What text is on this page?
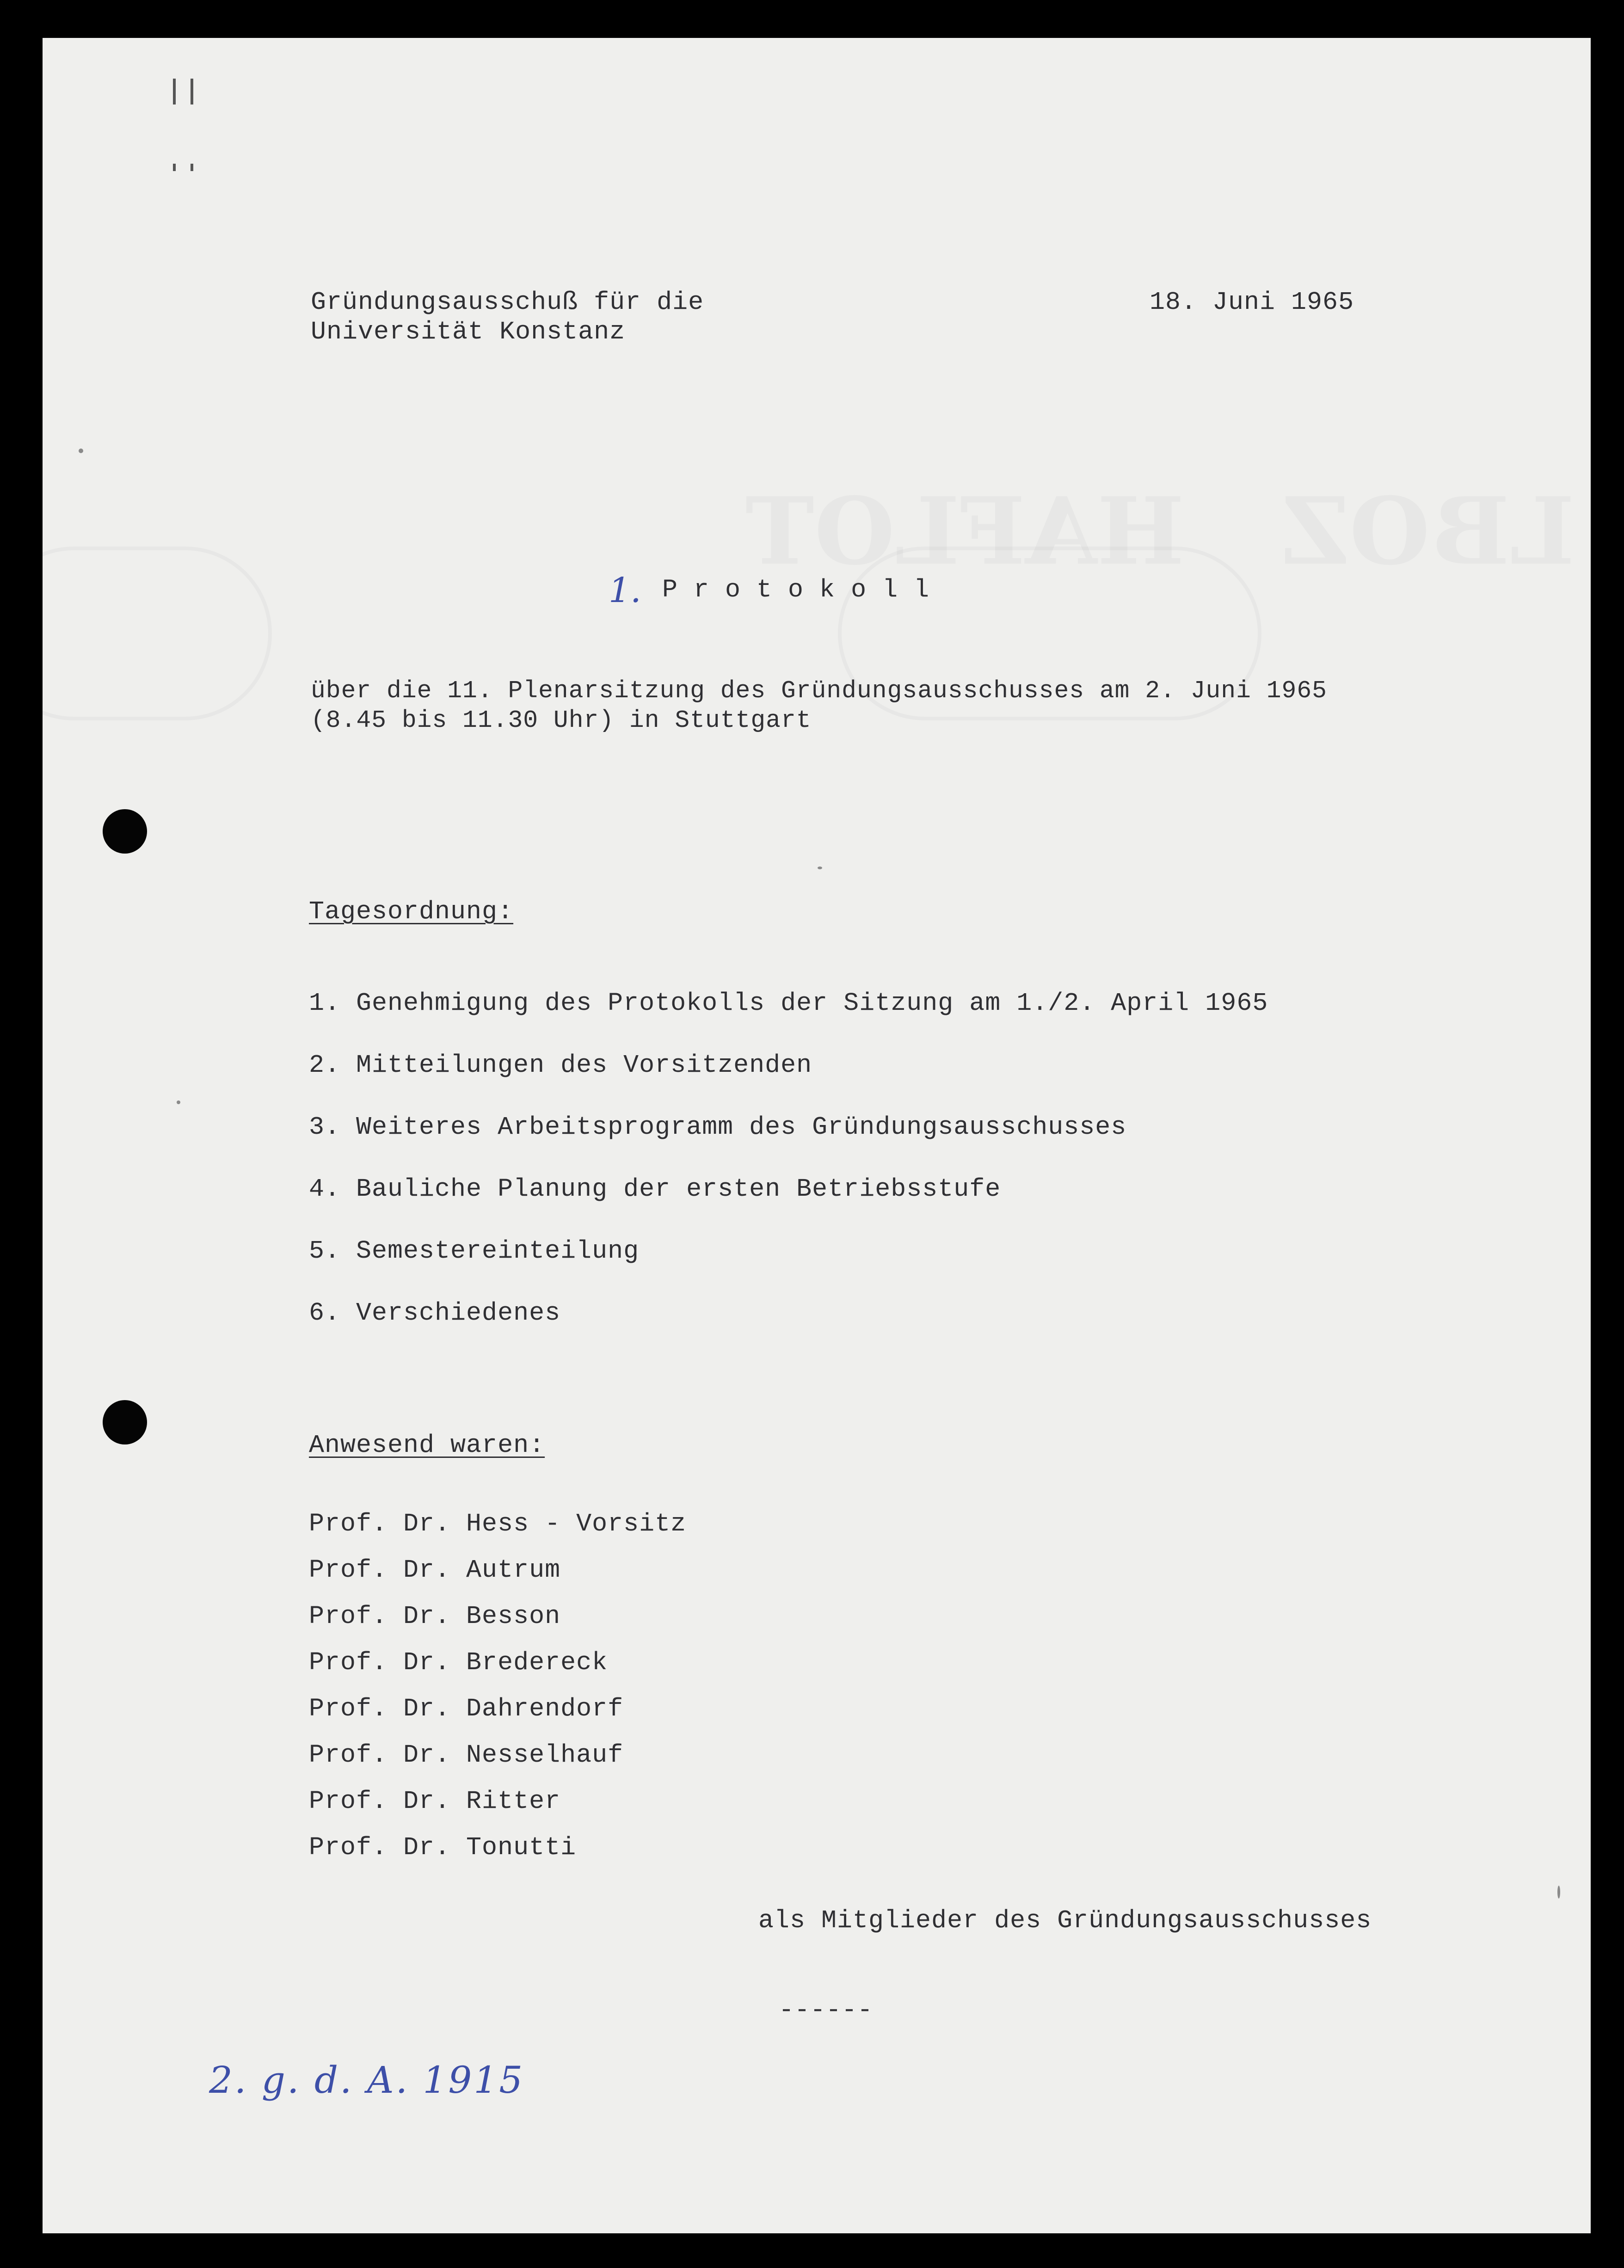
HAFLOT LBOZ
Gründungsausschuß für die
Universität Konstanz
18. Juni 1965
1. P r o t o k o l l
über die 11. Plenarsitzung des Gründungsausschusses am 2. Juni 1965
(8.45 bis 11.30 Uhr) in Stuttgart
Tagesordnung:
1. Genehmigung des Protokolls der Sitzung am 1./2. April 1965
2. Mitteilungen des Vorsitzenden
3. Weiteres Arbeitsprogramm des Gründungsausschusses
4. Bauliche Planung der ersten Betriebsstufe
5. Semestereinteilung
6. Verschiedenes
Anwesend waren:
Prof. Dr. Hess - Vorsitz
Prof. Dr. Autrum
Prof. Dr. Besson
Prof. Dr. Bredereck
Prof. Dr. Dahrendorf
Prof. Dr. Nesselhauf
Prof. Dr. Ritter
Prof. Dr. Tonutti
als Mitglieder des Gründungsausschusses
------
2. g. d. A. 1915
